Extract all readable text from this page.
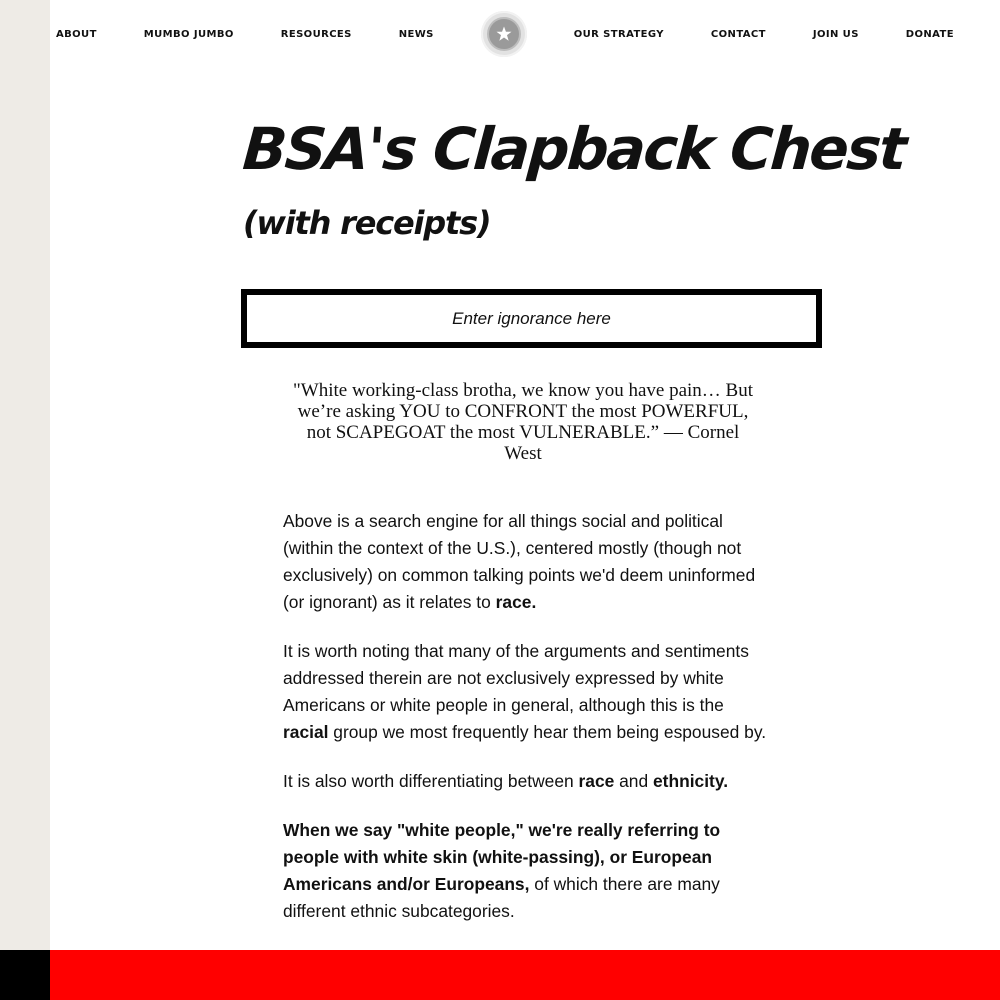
ABOUT	MUMBO JUMBO	RESOURCES	NEWS	OUR STRATEGY	CONTACT	JOIN US	DONATE
BSA's Clapback Chest
(with receipts)
Enter ignorance here

"White working-class brotha, we know you have pain… But we’re asking YOU to CONFRONT the most POWERFUL, not SCAPEGOAT the most VULNERABLE.” — Cornel West

Above is a search engine for all things social and political (within the context of the U.S.), centered mostly (though not exclusively) on common talking points we'd deem uninformed (or ignorant) as it relates to race.

It is worth noting that many of the arguments and sentiments addressed therein are not exclusively expressed by white Americans or white people in general, although this is the racial group we most frequently hear them being espoused by.

It is also worth differentiating between race and ethnicity.

When we say "white people," we're really referring to people with white skin (white-passing), or European Americans and/or Europeans, of which there are many different ethnic subcategories.
